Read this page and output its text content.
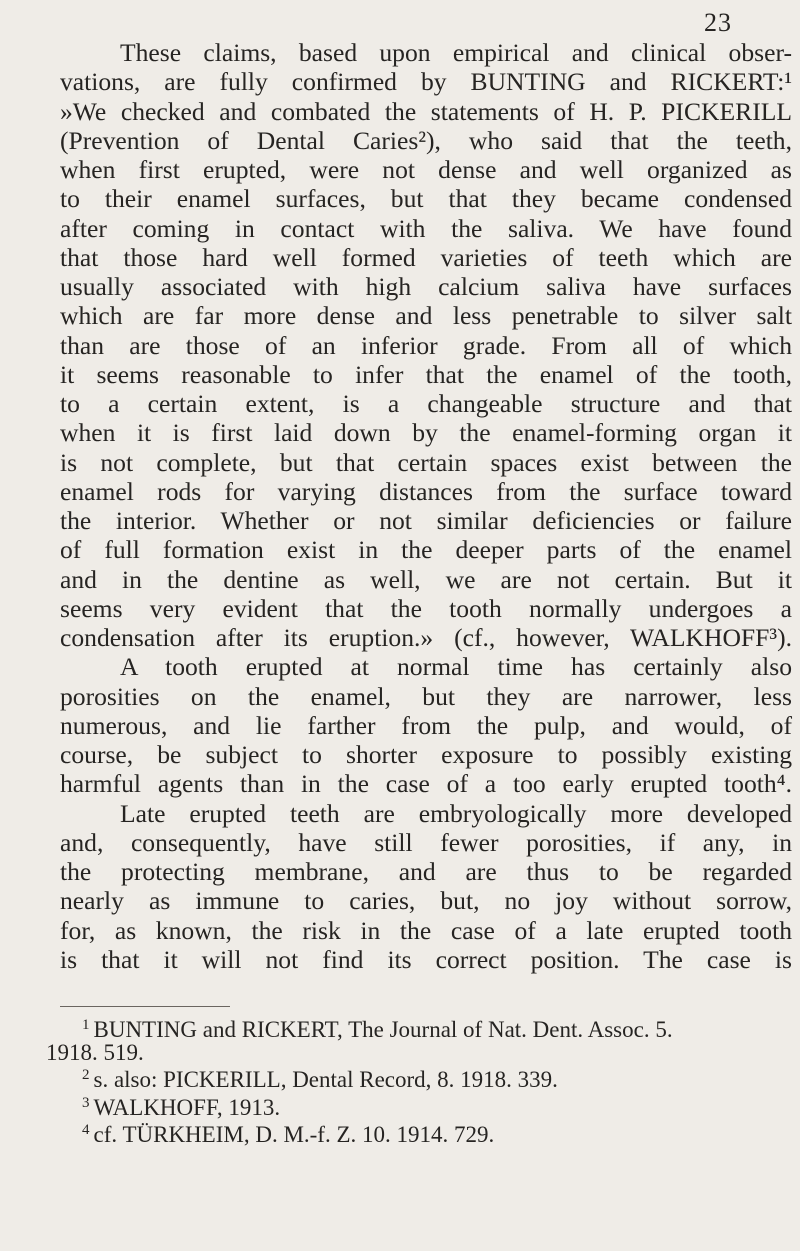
23
These claims, based upon empirical and clinical obser-
vations, are fully confirmed by BUNTING and RICKERT:¹
»We checked and combated the statements of H. P. PICKERILL
(Prevention of Dental Caries²), who said that the teeth,
when first erupted, were not dense and well organized as
to their enamel surfaces, but that they became condensed
after coming in contact with the saliva. We have found
that those hard well formed varieties of teeth which are
usually associated with high calcium saliva have surfaces
which are far more dense and less penetrable to silver salt
than are those of an inferior grade. From all of which
it seems reasonable to infer that the enamel of the tooth,
to a certain extent, is a changeable structure and that
when it is first laid down by the enamel-forming organ it
is not complete, but that certain spaces exist between the
enamel rods for varying distances from the surface toward
the interior. Whether or not similar deficiencies or failure
of full formation exist in the deeper parts of the enamel
and in the dentine as well, we are not certain. But it
seems very evident that the tooth normally undergoes a
condensation after its eruption.» (cf., however, WALKHOFF³).
A tooth erupted at normal time has certainly also
porosities on the enamel, but they are narrower, less
numerous, and lie farther from the pulp, and would, of
course, be subject to shorter exposure to possibly existing
harmful agents than in the case of a too early erupted tooth⁴.
Late erupted teeth are embryologically more developed
and, consequently, have still fewer porosities, if any, in
the protecting membrane, and are thus to be regarded
nearly as immune to caries, but, no joy without sorrow,
for, as known, the risk in the case of a late erupted tooth
is that it will not find its correct position. The case is
$^1$ BUNTING and RICKERT, The Journal of Nat. Dent. Assoc. 5.
1918. 519.
$^2$ s. also: PICKERILL, Dental Record, 8. 1918. 339.
$^3$ WALKHOFF, 1913.
$^4$ cf. TÜRKHEIM, D. M.-f. Z. 10. 1914. 729.
